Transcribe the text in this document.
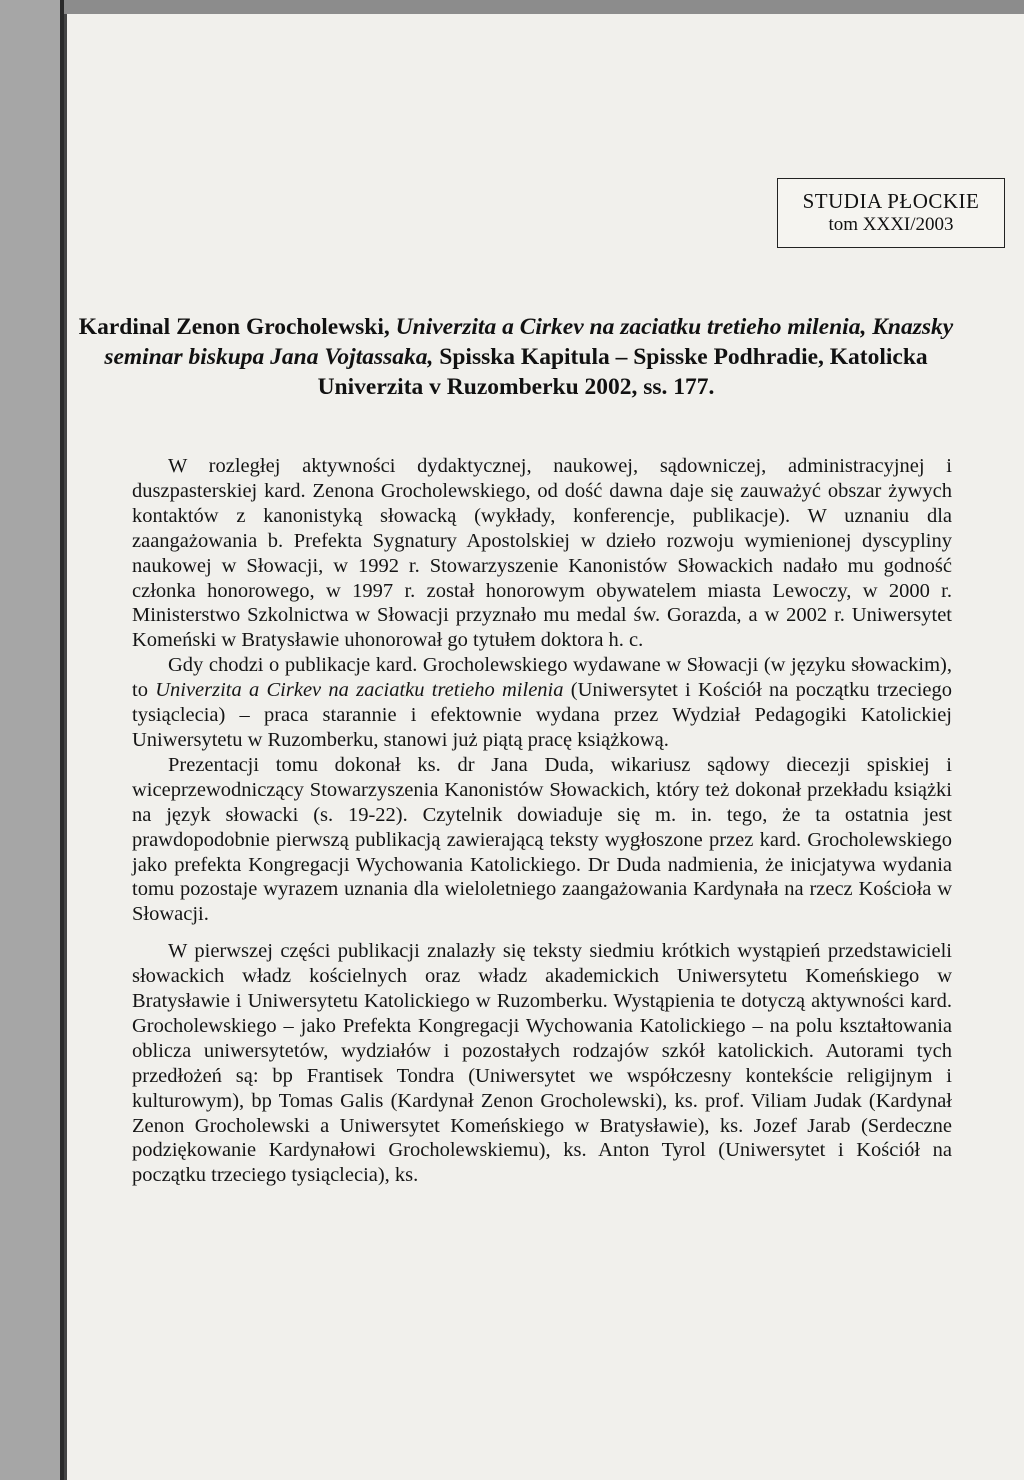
STUDIA PŁOCKIE
tom XXXI/2003
Kardinal Zenon Grocholewski, Univerzita a Cirkev na zaciatku tretieho milenia, Knazsky seminar biskupa Jana Vojtassaka, Spisska Kapitula – Spisske Podhradie, Katolicka Univerzita v Ruzomberku 2002, ss. 177.

W rozległej aktywności dydaktycznej, naukowej, sądowniczej, administracyjnej i duszpasterskiej kard. Zenona Grocholewskiego, od dość dawna daje się zauważyć obszar żywych kontaktów z kanonistyką słowacką (wykłady, konferencje, publikacje). W uznaniu dla zaangażowania b. Prefekta Sygnatury Apostolskiej w dzieło rozwoju wymienionej dyscypliny naukowej w Słowacji, w 1992 r. Stowarzyszenie Kanonistów Słowackich nadało mu godność członka honorowego, w 1997 r. został honorowym obywatelem miasta Lewoczy, w 2000 r. Ministerstwo Szkolnictwa w Słowacji przyznało mu medal św. Gorazda, a w 2002 r. Uniwersytet Komeński w Bratysławie uhonorował go tytułem doktora h. c.

Gdy chodzi o publikacje kard. Grocholewskiego wydawane w Słowacji (w języku słowackim), to Univerzita a Cirkev na zaciatku tretieho milenia (Uniwersytet i Kościół na początku trzeciego tysiąclecia) – praca starannie i efektownie wydana przez Wydział Pedagogiki Katolickiej Uniwersytetu w Ruzomberku, stanowi już piątą pracę książkową.

Prezentacji tomu dokonał ks. dr Jana Duda, wikariusz sądowy diecezji spiskiej i wiceprzewodniczący Stowarzyszenia Kanonistów Słowackich, który też dokonał przekładu książki na język słowacki (s. 19-22). Czytelnik dowiaduje się m. in. tego, że ta ostatnia jest prawdopodobnie pierwszą publikacją zawierającą teksty wygłoszone przez kard. Grocholewskiego jako prefekta Kongregacji Wychowania Katolickiego. Dr Duda nadmienia, że inicjatywa wydania tomu pozostaje wyrazem uznania dla wieloletniego zaangażowania Kardynała na rzecz Kościoła w Słowacji.

W pierwszej części publikacji znalazły się teksty siedmiu krótkich wystąpień przedstawicieli słowackich władz kościelnych oraz władz akademickich Uniwersytetu Komeńskiego w Bratysławie i Uniwersytetu Katolickiego w Ruzomberku. Wystąpienia te dotyczą aktywności kard. Grocholewskiego – jako Prefekta Kongregacji Wychowania Katolickiego – na polu kształtowania oblicza uniwersytetów, wydziałów i pozostałych rodzajów szkół katolickich. Autorami tych przedłożeń są: bp Frantisek Tondra (Uniwersytet we współczesny kontekście religijnym i kulturowym), bp Tomas Galis (Kardynał Zenon Grocholewski), ks. prof. Viliam Judak (Kardynał Zenon Grocholewski a Uniwersytet Komeńskiego w Bratysławie), ks. Jozef Jarab (Serdeczne podziękowanie Kardynałowi Grocholewskiemu), ks. Anton Tyrol (Uniwersytet i Kościół na początku trzeciego tysiąclecia), ks.
